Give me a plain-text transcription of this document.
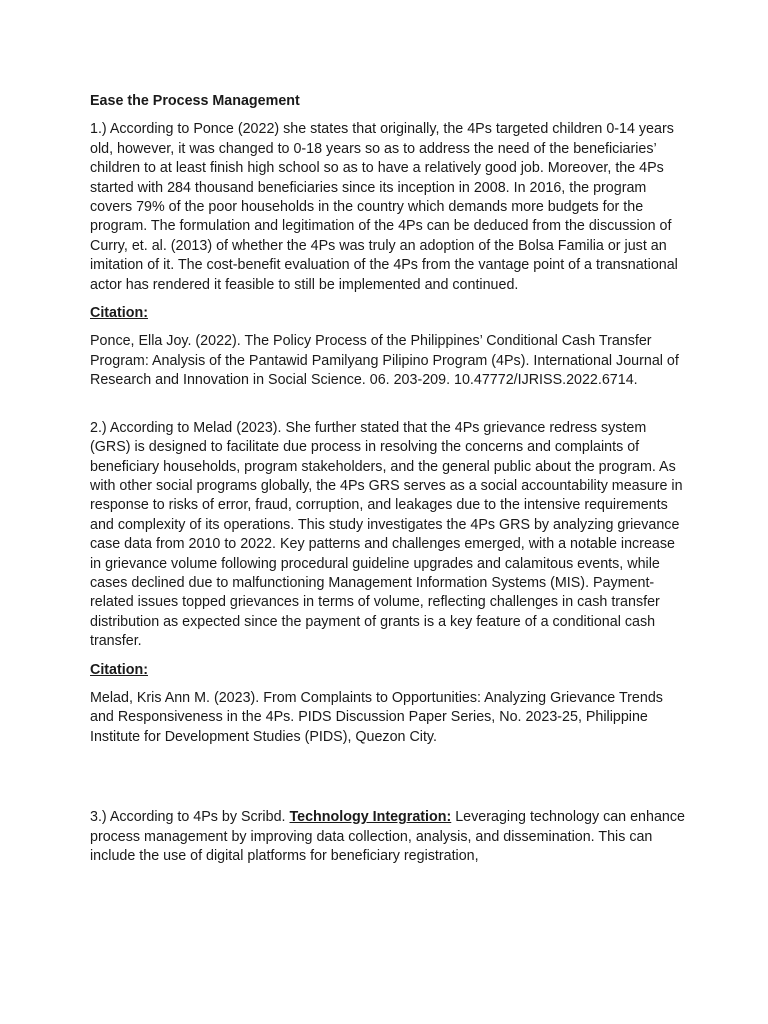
Ease the Process Management

1.) According to Ponce (2022) she states that originally, the 4Ps targeted children 0-14 years old, however, it was changed to 0-18 years so as to address the need of the beneficiaries’ children to at least finish high school so as to have a relatively good job. Moreover, the 4Ps started with 284 thousand beneficiaries since its inception in 2008. In 2016, the program covers 79% of the poor households in the country which demands more budgets for the program. The formulation and legitimation of the 4Ps can be deduced from the discussion of Curry, et. al. (2013) of whether the 4Ps was truly an adoption of the Bolsa Familia or just an imitation of it. The cost-benefit evaluation of the 4Ps from the vantage point of a transnational actor has rendered it feasible to still be implemented and continued.

Citation:

Ponce, Ella Joy. (2022). The Policy Process of the Philippines’ Conditional Cash Transfer Program: Analysis of the Pantawid Pamilyang Pilipino Program (4Ps). International Journal of Research and Innovation in Social Science. 06. 203-209. 10.47772/IJRISS.2022.6714.

2.) According to Melad (2023). She further stated that the 4Ps grievance redress system (GRS) is designed to facilitate due process in resolving the concerns and complaints of beneficiary households, program stakeholders, and the general public about the program. As with other social programs globally, the 4Ps GRS serves as a social accountability measure in response to risks of error, fraud, corruption, and leakages due to the intensive requirements and complexity of its operations. This study investigates the 4Ps GRS by analyzing grievance case data from 2010 to 2022. Key patterns and challenges emerged, with a notable increase in grievance volume following procedural guideline upgrades and calamitous events, while cases declined due to malfunctioning Management Information Systems (MIS). Payment-related issues topped grievances in terms of volume, reflecting challenges in cash transfer distribution as expected since the payment of grants is a key feature of a conditional cash transfer.

Citation:

Melad, Kris Ann M. (2023). From Complaints to Opportunities: Analyzing Grievance Trends and Responsiveness in the 4Ps. PIDS Discussion Paper Series, No. 2023-25, Philippine Institute for Development Studies (PIDS), Quezon City.

3.) According to 4Ps by Scribd. Technology Integration: Leveraging technology can enhance process management by improving data collection, analysis, and dissemination. This can include the use of digital platforms for beneficiary registration,
